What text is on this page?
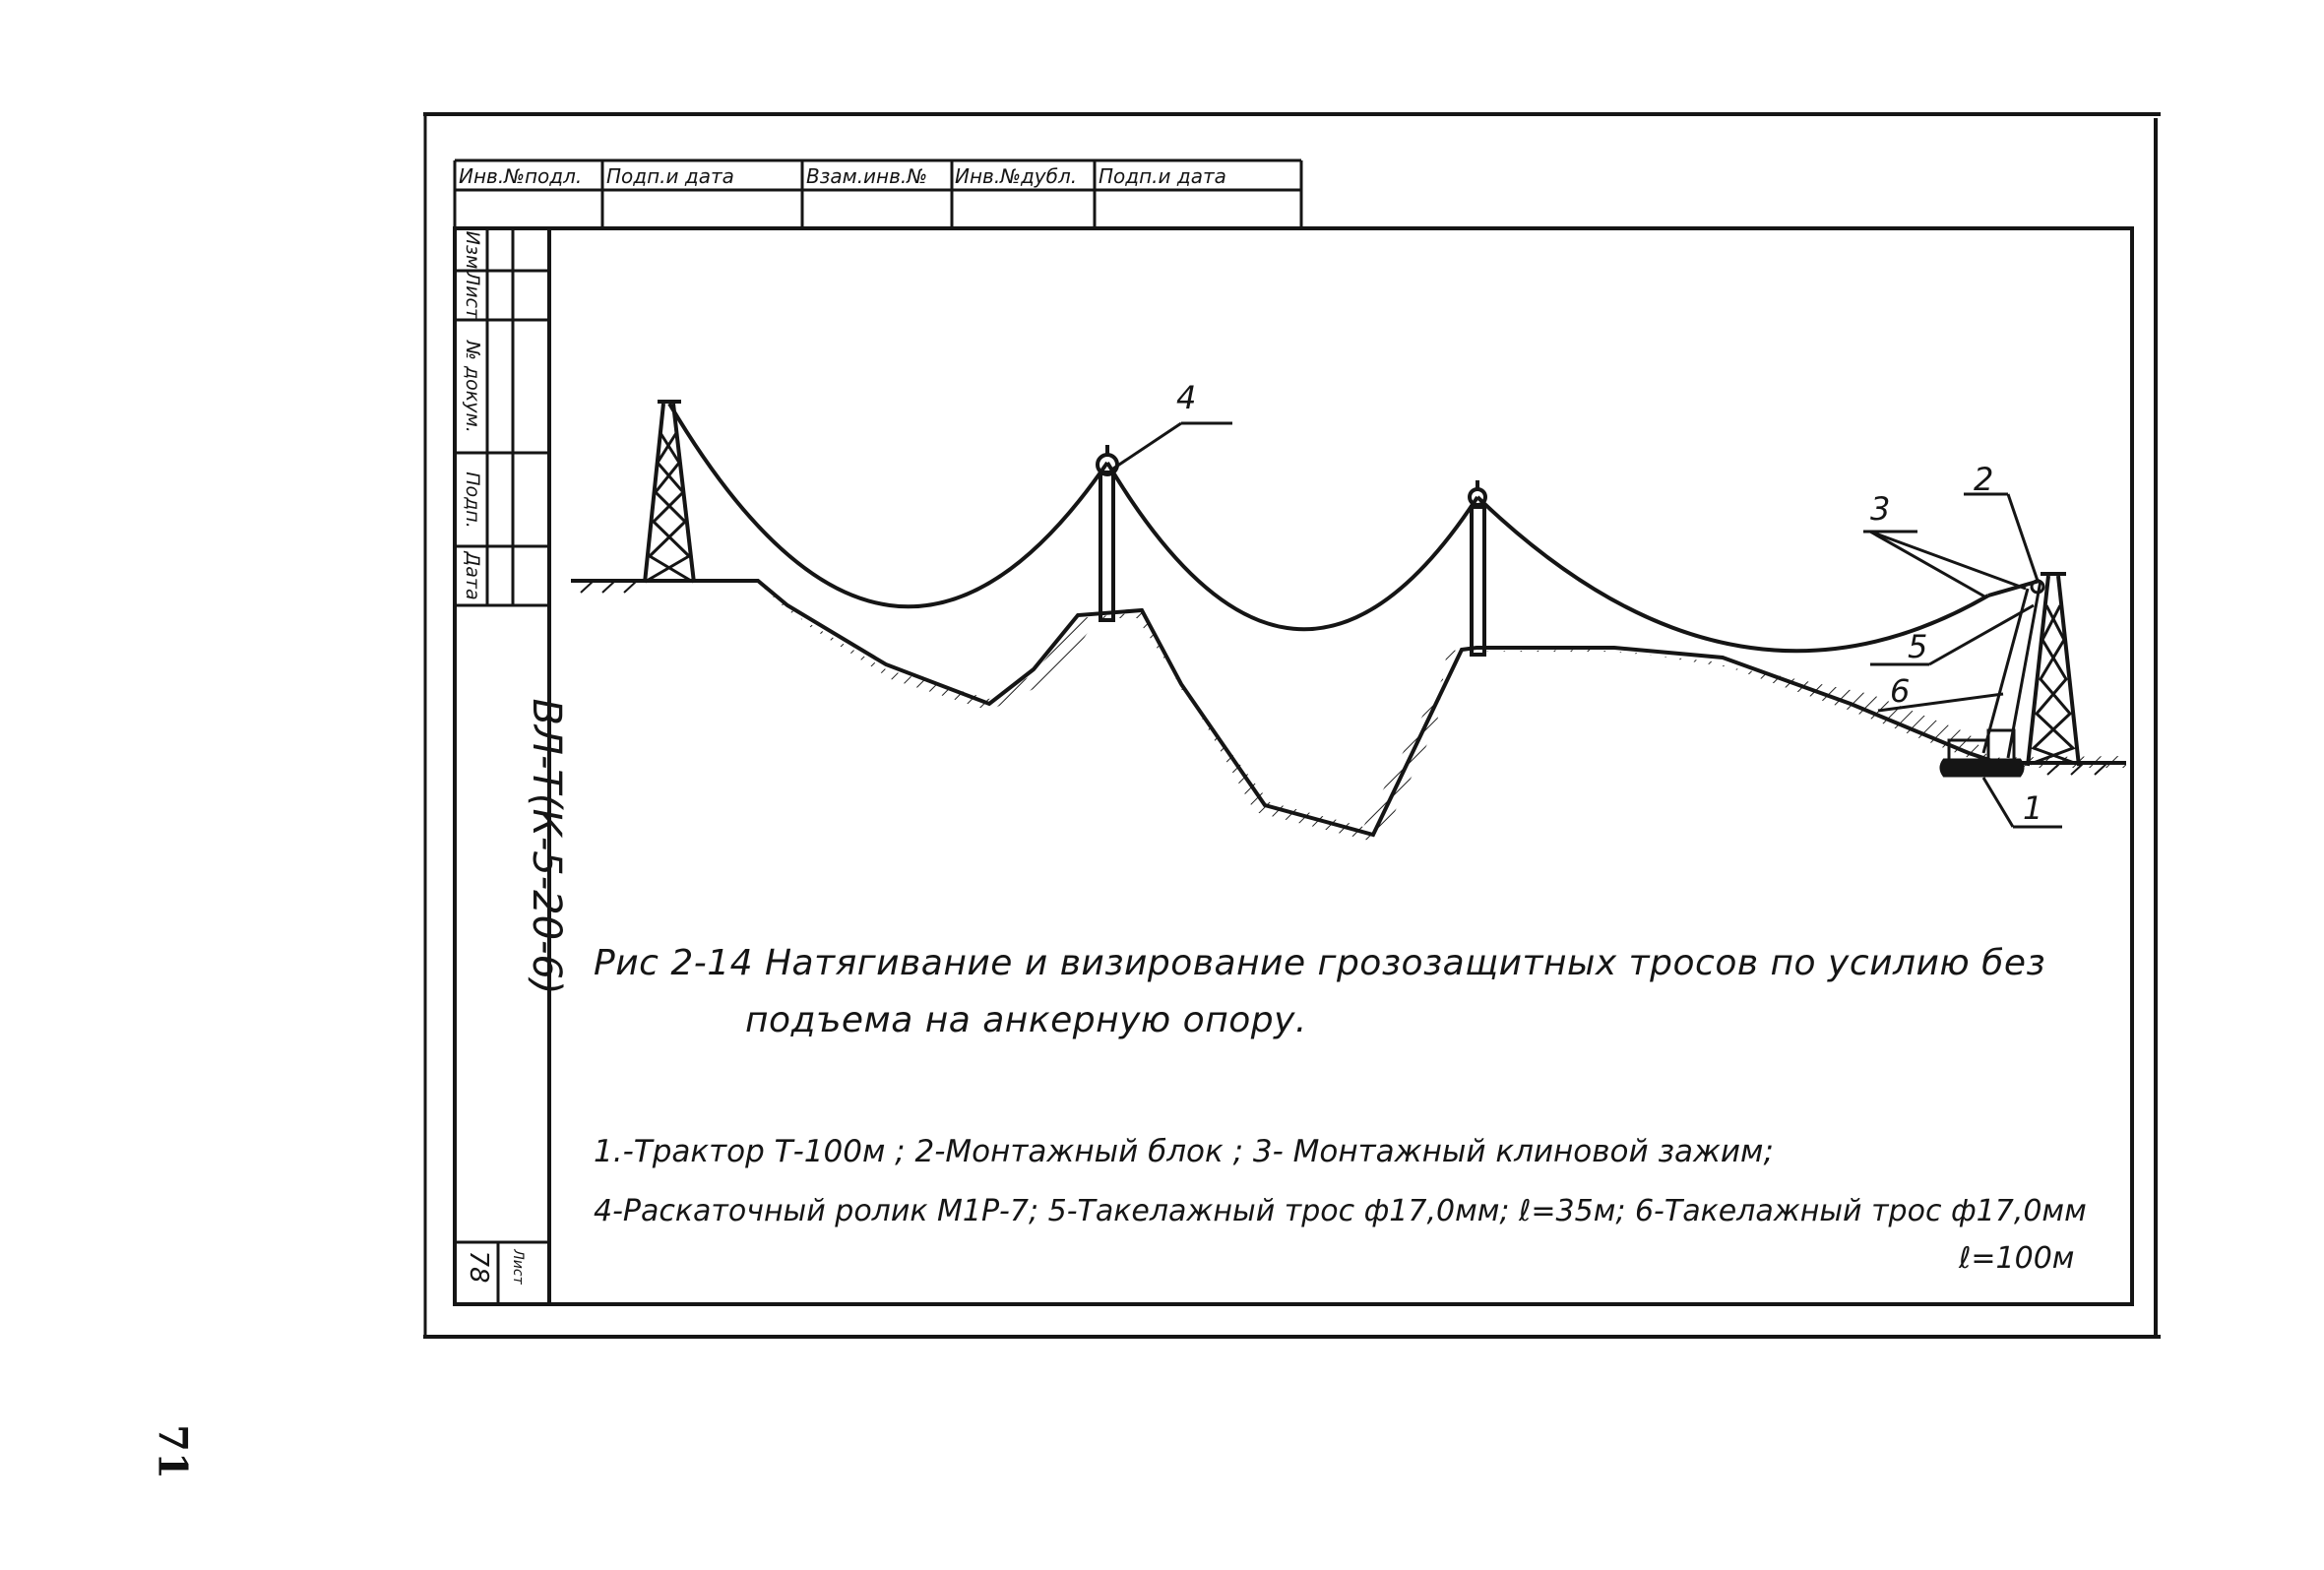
4
3
2
5
6
1
Инв.№подл. Подп.и дата	Взам.инв.№ Инв.№дубл. Подп.и дата
Изм
Лист
№ докум.
Подп.
Дата
ВЛ-Т(К-5-20-6)
78 Лист
Рис 2-14 Натягивание и визирование грозозащитных тросов по усилию без
подъема на анкерную опору.
1.-Трактор Т-100м ; 2-Монтажный блок ; 3- Монтажный клиновой зажим;
4-Раскаточный ролик М1Р-7; 5-Такелажный трос ф17,0мм; ℓ=35м; 6-Такелажный трос ф17,0мм
ℓ=100м
71
